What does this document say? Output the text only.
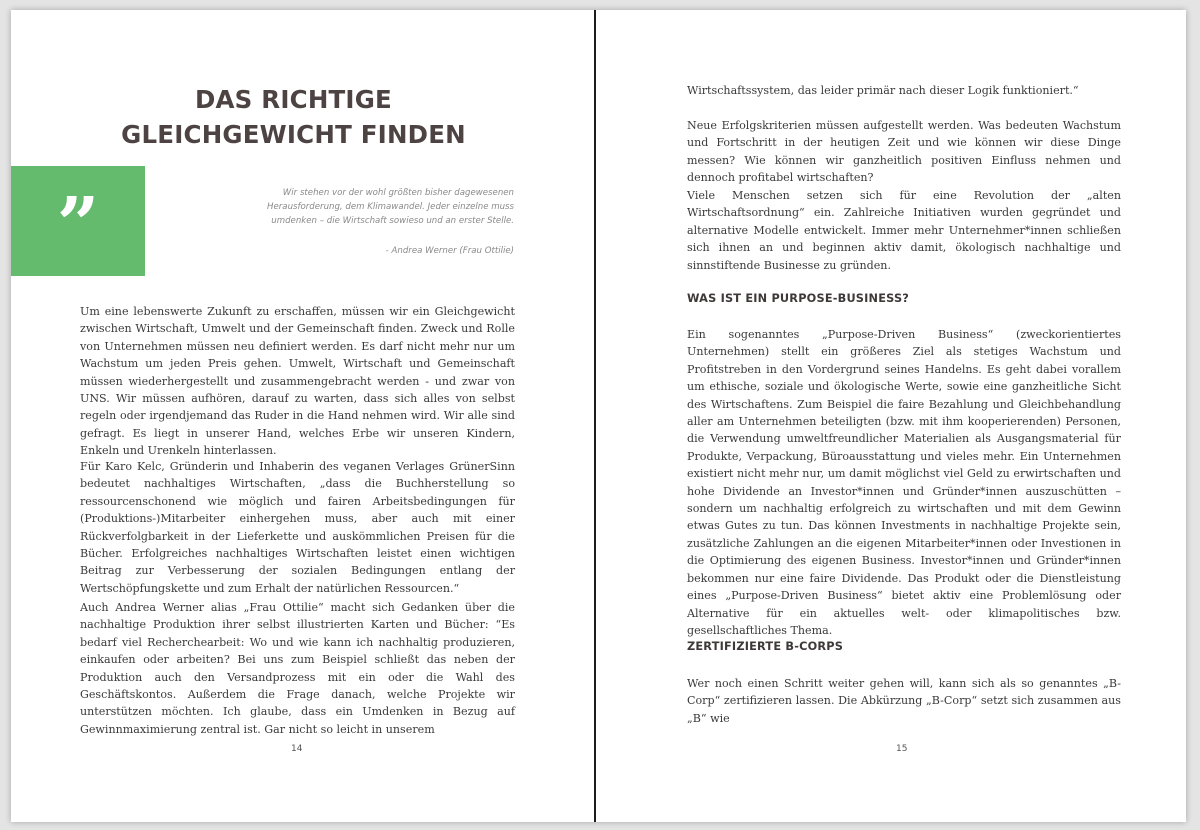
DAS RICHTIGE
GLEICHGEWICHT FINDEN
”	Wir stehen vor der wohl größten bisher dagewesenen Herausforderung, dem Klimawandel. Jeder einzelne muss umdenken – die Wirtschaft sowieso und an erster Stelle.

- Andrea Werner (Frau Ottilie)

Um eine lebenswerte Zukunft zu erschaffen, müssen wir ein Gleichgewicht zwischen Wirtschaft, Umwelt und der Gemeinschaft finden. Zweck und Rolle von Unternehmen müssen neu definiert werden. Es darf nicht mehr nur um Wachstum um jeden Preis gehen. Umwelt, Wirtschaft und Gemeinschaft müssen wiederhergestellt und zusammengebracht werden - und zwar von UNS. Wir müssen aufhören, darauf zu warten, dass sich alles von selbst regeln oder irgendjemand das Ruder in die Hand nehmen wird. Wir alle sind gefragt. Es liegt in unserer Hand, welches Erbe wir unseren Kindern, Enkeln und Urenkeln hinterlassen.

Für Karo Kelc, Gründerin und Inhaberin des veganen Verlages GrünerSinn bedeutet nachhaltiges Wirtschaften, „dass die Buchherstellung so ressourcenschonend wie möglich und fairen Arbeitsbedingungen für (Produktions-)Mitarbeiter einhergehen muss, aber auch mit einer Rückverfolgbarkeit in der Lieferkette und auskömmlichen Preisen für die Bücher. Erfolgreiches nachhaltiges Wirtschaften leistet einen wichtigen Beitrag zur Verbesserung der sozialen Bedingungen entlang der Wertschöpfungskette und zum Erhalt der natürlichen Ressourcen.“

Auch Andrea Werner alias „Frau Ottilie“ macht sich Gedanken über die nachhaltige Produktion ihrer selbst illustrierten Karten und Bücher: “Es bedarf viel Recherchearbeit: Wo und wie kann ich nachhaltig produzieren, einkaufen oder arbeiten? Bei uns zum Beispiel schließt das neben der Produktion auch den Versandprozess mit ein oder die Wahl des Geschäftskontos. Außerdem die Frage danach, welche Projekte wir unterstützen möchten. Ich glaube, dass ein Umdenken in Bezug auf Gewinnmaximierung zentral ist. Gar nicht so leicht in unserem

14

Wirtschaftssystem, das leider primär nach dieser Logik funktioniert.“

Neue Erfolgskriterien müssen aufgestellt werden. Was bedeuten Wachstum und Fortschritt in der heutigen Zeit und wie können wir diese Dinge messen? Wie können wir ganzheitlich positiven Einfluss nehmen und dennoch profitabel wirtschaften?

Viele Menschen setzen sich für eine Revolution der „alten Wirtschaftsordnung“ ein. Zahlreiche Initiativen wurden gegründet und alternative Modelle entwickelt. Immer mehr Unternehmer*innen schließen sich ihnen an und beginnen aktiv damit, ökologisch nachhaltige und sinnstiftende Businesse zu gründen.

WAS IST EIN PURPOSE-BUSINESS?

Ein sogenanntes „Purpose-Driven Business“ (zweckorientiertes Unternehmen) stellt ein größeres Ziel als stetiges Wachstum und Profitstreben in den Vordergrund seines Handelns. Es geht dabei vorallem um ethische, soziale und ökologische Werte, sowie eine ganzheitliche Sicht des Wirtschaftens. Zum Beispiel die faire Bezahlung und Gleichbehandlung aller am Unternehmen beteiligten (bzw. mit ihm kooperierenden) Personen, die Verwendung umweltfreundlicher Materialien als Ausgangsmaterial für Produkte, Verpackung, Büroausstattung und vieles mehr. Ein Unternehmen existiert nicht mehr nur, um damit möglichst viel Geld zu erwirtschaften und hohe Dividende an Investor*innen und Gründer*innen auszuschütten – sondern um nachhaltig erfolgreich zu wirtschaften und mit dem Gewinn etwas Gutes zu tun. Das können Investments in nachhaltige Projekte sein, zusätzliche Zahlungen an die eigenen Mitarbeiter*innen oder Investionen in die Optimierung des eigenen Business. Investor*innen und Gründer*innen bekommen nur eine faire Dividende. Das Produkt oder die Dienstleistung eines „Purpose-Driven Business“ bietet aktiv eine Problemlösung oder Alternative für ein aktuelles welt- oder klimapolitisches bzw. gesellschaftliches Thema.

ZERTIFIZIERTE B-CORPS

Wer noch einen Schritt weiter gehen will, kann sich als so genanntes „B-Corp“ zertifizieren lassen. Die Abkürzung „B-Corp“ setzt sich zusammen aus „B“ wie

15
